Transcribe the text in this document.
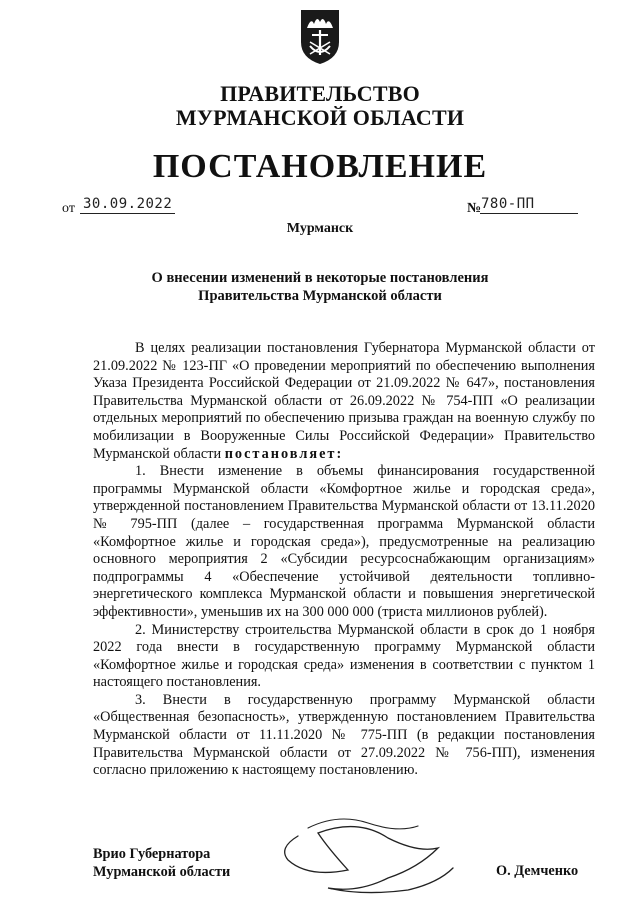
ПРАВИТЕЛЬСТВО
МУРМАНСКОЙ ОБЛАСТИ
ПОСТАНОВЛЕНИЕ
от 30.09.2022	№ 780-ПП
Мурманск
О внесении изменений в некоторые постановления
Правительства Мурманской области

В целях реализации постановления Губернатора Мурманской области от 21.09.2022 № 123-ПГ «О проведении мероприятий по обеспечению выполнения Указа Президента Российской Федерации от 21.09.2022 № 647», постановления Правительства Мурманской области от 26.09.2022 № 754-ПП «О реализации отдельных мероприятий по обеспечению призыва граждан на военную службу по мобилизации в Вооруженные Силы Российской Федерации» Правительство Мурманской области постановляет:

1. Внести изменение в объемы финансирования государственной программы Мурманской области «Комфортное жилье и городская среда», утвержденной постановлением Правительства Мурманской области от 13.11.2020 № 795-ПП (далее – государственная программа Мурманской области «Комфортное жилье и городская среда»), предусмотренные на реализацию основного мероприятия 2 «Субсидии ресурсоснабжающим организациям» подпрограммы 4 «Обеспечение устойчивой деятельности топливно-энергетического комплекса Мурманской области и повышения энергетической эффективности», уменьшив их на 300 000 000 (триста миллионов рублей).

2. Министерству строительства Мурманской области в срок до 1 ноября 2022 года внести в государственную программу Мурманской области «Комфортное жилье и городская среда» изменения в соответствии с пунктом 1 настоящего постановления.

3. Внести в государственную программу Мурманской области «Общественная безопасность», утвержденную постановлением Правительства Мурманской области от 11.11.2020 № 775-ПП (в редакции постановления Правительства Мурманской области от 27.09.2022 № 756-ПП), изменения согласно приложению к настоящему постановлению.

Врио Губернатора
Мурманской области	О. Демченко
